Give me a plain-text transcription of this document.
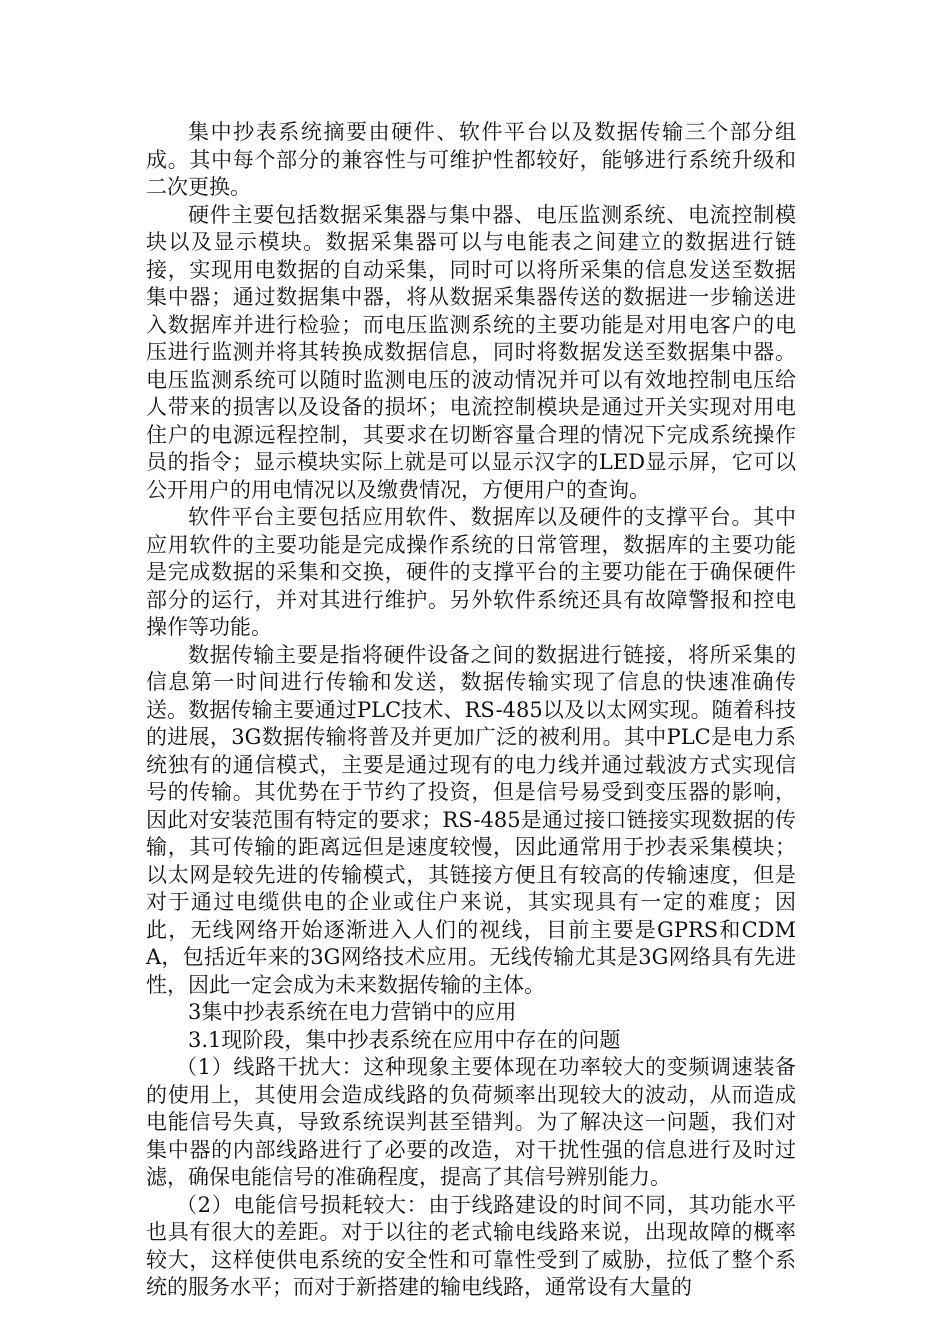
集中抄表系统摘要由硬件、软件平台以及数据传输三个部分组成。其中每个部分的兼容性与可维护性都较好，能够进行系统升级和二次更换。

硬件主要包括数据采集器与集中器、电压监测系统、电流控制模块以及显示模块。数据采集器可以与电能表之间建立的数据进行链接，实现用电数据的自动采集，同时可以将所采集的信息发送至数据集中器；通过数据集中器，将从数据采集器传送的数据进一步输送进入数据库并进行检验；而电压监测系统的主要功能是对用电客户的电压进行监测并将其转换成数据信息，同时将数据发送至数据集中器。电压监测系统可以随时监测电压的波动情况并可以有效地控制电压给人带来的损害以及设备的损坏；电流控制模块是通过开关实现对用电住户的电源远程控制，其要求在切断容量合理的情况下完成系统操作员的指令；显示模块实际上就是可以显示汉字的LED显示屏，它可以公开用户的用电情况以及缴费情况，方便用户的查询。

软件平台主要包括应用软件、数据库以及硬件的支撑平台。其中应用软件的主要功能是完成操作系统的日常管理，数据库的主要功能是完成数据的采集和交换，硬件的支撑平台的主要功能在于确保硬件部分的运行，并对其进行维护。另外软件系统还具有故障警报和控电操作等功能。

数据传输主要是指将硬件设备之间的数据进行链接，将所采集的信息第一时间进行传输和发送，数据传输实现了信息的快速准确传送。数据传输主要通过PLC技术、RS-485以及以太网实现。随着科技的进展，3G数据传输将普及并更加广泛的被利用。其中PLC是电力系统独有的通信模式，主要是通过现有的电力线并通过载波方式实现信号的传输。其优势在于节约了投资，但是信号易受到变压器的影响，因此对安装范围有特定的要求；RS-485是通过接口链接实现数据的传输，其可传输的距离远但是速度较慢，因此通常用于抄表采集模块；以太网是较先进的传输模式，其链接方便且有较高的传输速度，但是对于通过电缆供电的企业或住户来说，其实现具有一定的难度；因此，无线网络开始逐渐进入人们的视线，目前主要是GPRS和CDMA，包括近年来的3G网络技术应用。无线传输尤其是3G网络具有先进性，因此一定会成为未来数据传输的主体。

3集中抄表系统在电力营销中的应用

3.1现阶段，集中抄表系统在应用中存在的问题

（1）线路干扰大：这种现象主要体现在功率较大的变频调速装备的使用上，其使用会造成线路的负荷频率出现较大的波动，从而造成电能信号失真，导致系统误判甚至错判。为了解决这一问题，我们对集中器的内部线路进行了必要的改造，对干扰性强的信息进行及时过滤，确保电能信号的准确程度，提高了其信号辨别能力。

（2）电能信号损耗较大：由于线路建设的时间不同，其功能水平也具有很大的差距。对于以往的老式输电线路来说，出现故障的概率较大，这样使供电系统的安全性和可靠性受到了威胁，拉低了整个系统的服务水平；而对于新搭建的输电线路，通常设有大量的
